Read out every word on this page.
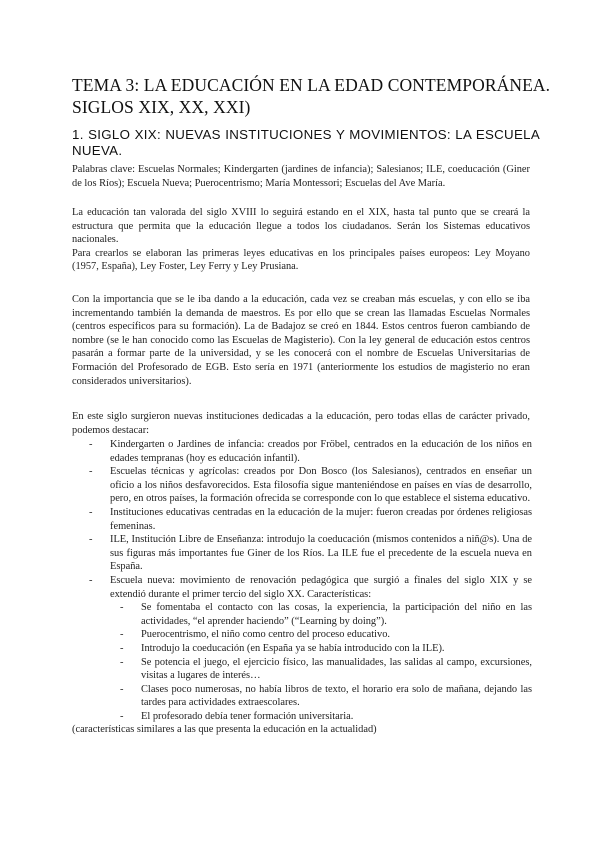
TEMA 3: LA EDUCACIÓN EN LA EDAD CONTEMPORÁNEA.
SIGLOS XIX, XX, XXI)
1. SIGLO XIX: NUEVAS INSTITUCIONES Y MOVIMIENTOS: LA ESCUELA NUEVA.

Palabras clave: Escuelas Normales; Kindergarten (jardines de infancia); Salesianos; ILE, coeducación (Giner de los Ríos); Escuela Nueva; Puerocentrismo; María Montessori; Escuelas del Ave María.

La educación tan valorada del siglo XVIII lo seguirá estando en el XIX, hasta tal punto que se creará la estructura que permita que la educación llegue a todos los ciudadanos. Serán los Sistemas educativos nacionales.

Para crearlos se elaboran las primeras leyes educativas en los principales países europeos: Ley Moyano (1957, España), Ley Foster, Ley Ferry y Ley Prusiana.

Con la importancia que se le iba dando a la educación, cada vez se creaban más escuelas, y con ello se iba incrementando también la demanda de maestros. Es por ello que se crean las llamadas Escuelas Normales (centros específicos para su formación). La de Badajoz se creó en 1844. Estos centros fueron cambiando de nombre (se le han conocido como las Escuelas de Magisterio). Con la ley general de educación estos centros pasarán a formar parte de la universidad, y se les conocerá con el nombre de Escuelas Universitarias de Formación del Profesorado de EGB. Esto sería en 1971 (anteriormente los estudios de magisterio no eran considerados universitarios).

En este siglo surgieron nuevas instituciones dedicadas a la educación, pero todas ellas de carácter privado, podemos destacar:

- Kindergarten o Jardines de infancia: creados por Fröbel, centrados en la educación de los niños en edades tempranas (hoy es educación infantil).
- Escuelas técnicas y agrícolas: creados por Don Bosco (los Salesianos), centrados en enseñar un oficio a los niños desfavorecidos. Esta filosofía sigue manteniéndose en países en vías de desarrollo, pero, en otros países, la formación ofrecida se corresponde con lo que establece el sistema educativo.
- Instituciones educativas centradas en la educación de la mujer: fueron creadas por órdenes religiosas femeninas.
- ILE, Institución Libre de Enseñanza: introdujo la coeducación (mismos contenidos a niñ@s). Una de sus figuras más importantes fue Giner de los Ríos. La ILE fue el precedente de la escuela nueva en España.
- Escuela nueva: movimiento de renovación pedagógica que surgió a finales del siglo XIX y se extendió durante el primer tercio del siglo XX. Características:
- Se fomentaba el contacto con las cosas, la experiencia, la participación del niño en las actividades, “el aprender haciendo” (“Learning by doing”).
- Puerocentrismo, el niño como centro del proceso educativo.
- Introdujo la coeducación (en España ya se había introducido con la ILE).
- Se potencia el juego, el ejercicio físico, las manualidades, las salidas al campo, excursiones, visitas a lugares de interés…
- Clases poco numerosas, no había libros de texto, el horario era solo de mañana, dejando las tardes para actividades extraescolares.
- El profesorado debía tener formación universitaria.

(características similares a las que presenta la educación en la actualidad)
